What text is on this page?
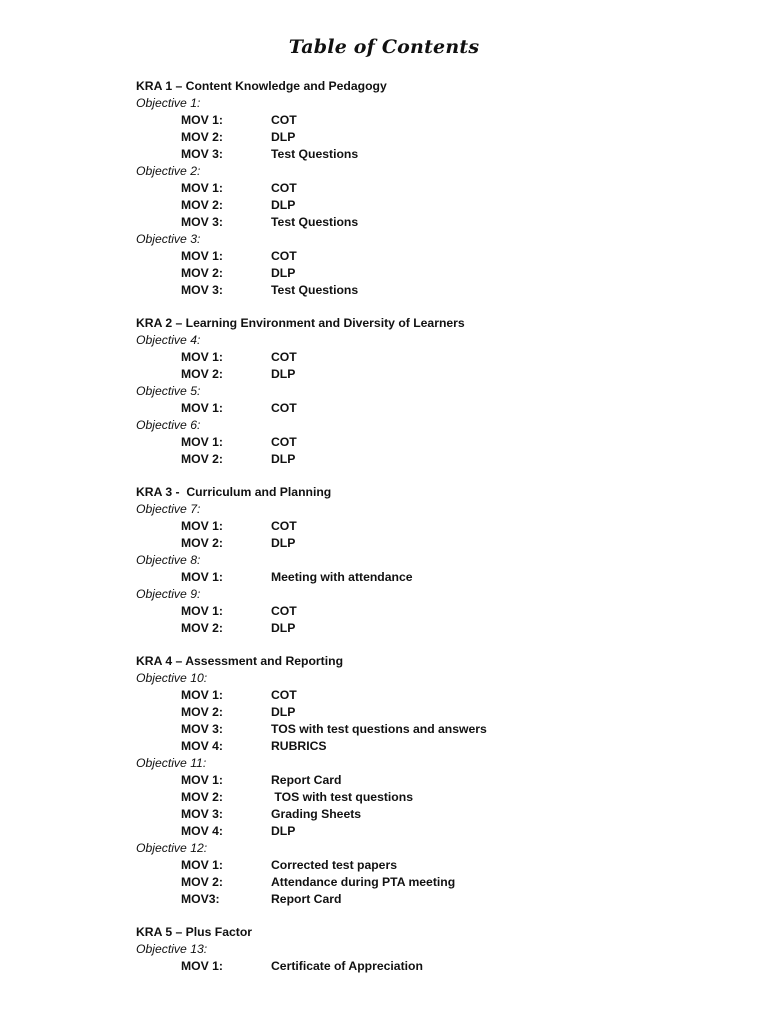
Table of Contents
KRA 1 – Content Knowledge and Pedagogy
Objective 1:
MOV 1:	COT
MOV 2:	DLP
MOV 3:	Test Questions
Objective 2:
MOV 1:	COT
MOV 2:	DLP
MOV 3:	Test Questions
Objective 3:
MOV 1:	COT
MOV 2:	DLP
MOV 3:	Test Questions
KRA 2 – Learning Environment and Diversity of Learners
Objective 4:
MOV 1:	COT
MOV 2:	DLP
Objective 5:
MOV 1:	COT
Objective 6:
MOV 1:	COT
MOV 2:	DLP
KRA 3 -  Curriculum and Planning
Objective 7:
MOV 1:	COT
MOV 2:	DLP
Objective 8:
MOV 1:	Meeting with attendance
Objective 9:
MOV 1:	COT
MOV 2:	DLP
KRA 4 – Assessment and Reporting
Objective 10:
MOV 1:	COT
MOV 2:	DLP
MOV 3:	TOS with test questions and answers
MOV 4:	RUBRICS
Objective 11:
MOV 1:	Report Card
MOV 2:	TOS with test questions
MOV 3:	Grading Sheets
MOV 4:	DLP
Objective 12:
MOV 1:	Corrected test papers
MOV 2:	Attendance during PTA meeting
MOV3:	Report Card
KRA 5 – Plus Factor
Objective 13:
MOV 1:	Certificate of Appreciation
